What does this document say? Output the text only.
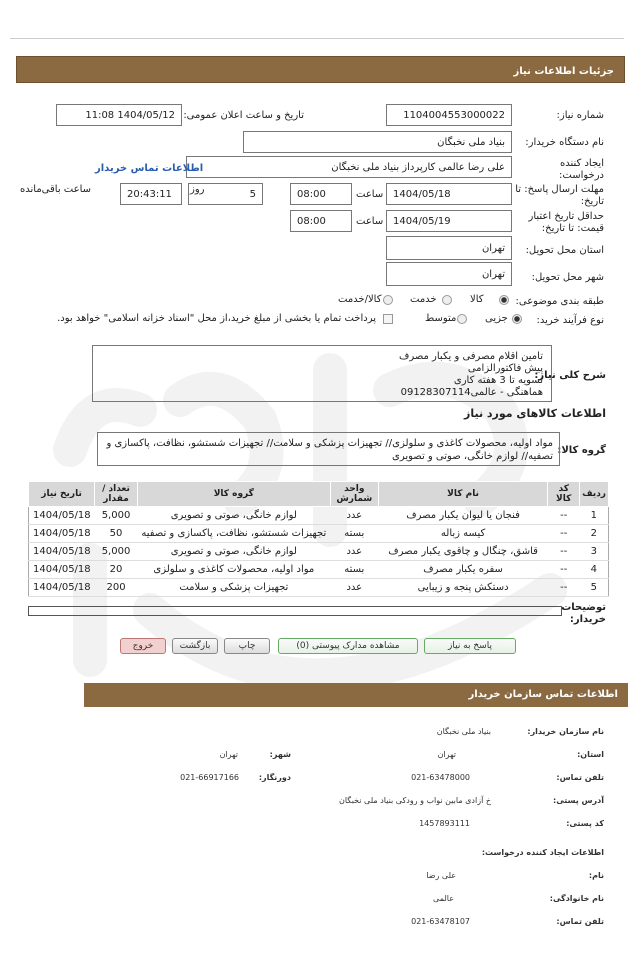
جزئیات اطلاعات نیاز
شماره نیاز:
1104004553000022
تاریخ و ساعت اعلان عمومی:
1404/05/12 11:08
نام دستگاه خریدار:
بنیاد ملی نخبگان
ایجاد کننده درخواست:
علی رضا عالمی کارپرداز بنیاد ملی نخبگان
اطلاعات تماس خریدار
مهلت ارسال پاسخ: تا تاریخ:
1404/05/18
ساعت
08:00
5
روز
20:43:11
ساعت باقی‌مانده
حداقل تاریخ اعتبار قیمت: تا تاریخ:
1404/05/19
ساعت
08:00
استان محل تحویل:
تهران
شهر محل تحویل:
تهران
طبقه بندی موضوعی:
کالا
خدمت
کالا/خدمت
نوع فرآیند خرید:
جزیی
متوسط
پرداخت تمام یا بخشی از مبلغ خرید،از محل "اسناد خزانه اسلامی" خواهد بود.
شرح کلی نیاز:
تامین اقلام مصرفی و یکبار مصرف
پیش فاکتورالزامی
تسویه تا 3 هفته کاری
هماهنگی - عالمی09128307114
اطلاعات کالاهای مورد نیاز
گروه کالا:
مواد اولیه، محصولات کاغذی و سلولزی// تجهیزات پزشکی و سلامت// تجهیزات شستشو، نظافت، پاکسازی و تصفیه// لوازم خانگی، صوتی و تصویری
ردیف	کد کالا	نام کالا	واحد شمارش	گروه کالا	تعداد / مقدار	تاریخ نیاز
1	--	فنجان یا لیوان یکبار مصرف	عدد	لوازم خانگی، صوتی و تصویری	5,000	1404/05/18
2	--	کیسه زباله	بسته	تجهیزات شستشو، نظافت، پاکسازی و تصفیه	50	1404/05/18
3	--	قاشق، چنگال و چاقوی یکبار مصرف	عدد	لوازم خانگی، صوتی و تصویری	5,000	1404/05/18
4	--	سفره یکبار مصرف	بسته	مواد اولیه، محصولات کاغذی و سلولزی	20	1404/05/18
5	--	دستکش پنجه و زیبایی	عدد	تجهیزات پزشکی و سلامت	200	1404/05/18
توضیحات خریدار:
پاسخ به نیاز
مشاهده مدارک پیوستی (0)
چاپ
بازگشت
خروج
اطلاعات تماس سازمان خریدار
نام سازمان خریدار:
بنیاد ملی نخبگان
استان:
تهران
شهر:
تهران
تلفن تماس:
021-63478000
دورنگار:
021-66917166
آدرس پستی:
خ آزادی مابین نواب و رودکی بنیاد ملی نخبگان
کد پستی:
1457893111
اطلاعات ایجاد کننده درخواست:
نام:
علی رضا
نام خانوادگی:
عالمی
تلفن تماس:
021-63478107
